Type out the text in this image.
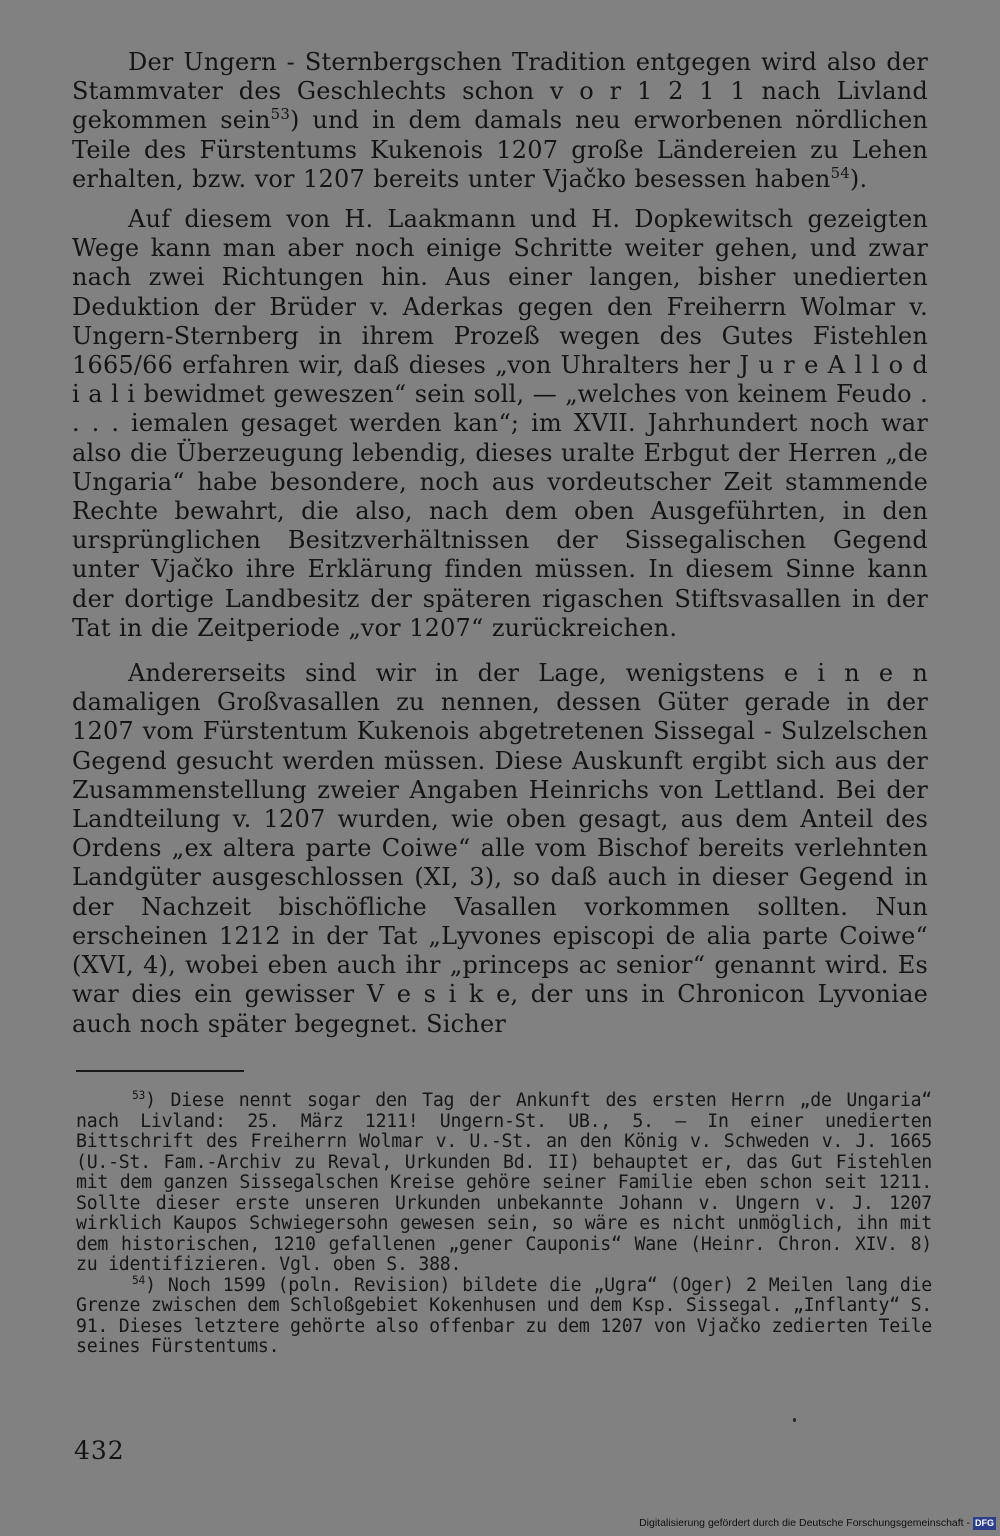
Der Ungern - Sternbergschen Tradition entgegen wird also der Stammvater des Geschlechts schon v o r 1 2 1 1 nach Livland gekommen sein$^{53}$) und in dem damals neu erworbenen nördlichen Teile des Fürstentums Kukenois 1207 große Ländereien zu Lehen erhalten, bzw. vor 1207 bereits unter Vjačko besessen haben$^{54}$).

Auf diesem von H. Laakmann und H. Dopkewitsch gezeigten Wege kann man aber noch einige Schritte weiter gehen, und zwar nach zwei Richtungen hin. Aus einer langen, bisher unedierten Deduktion der Brüder v. Aderkas gegen den Freiherrn Wolmar v. Ungern-Sternberg in ihrem Prozeß wegen des Gutes Fistehlen 1665/66 erfahren wir, daß dieses „von Uhralters her J u r e A l l o d i a l i bewidmet geweszen“ sein soll, — „welches von keinem Feudo . . . . iemalen gesaget werden kan“; im XVII. Jahrhundert noch war also die Überzeugung lebendig, dieses uralte Erbgut der Herren „de Ungaria“ habe besondere, noch aus vordeutscher Zeit stammende Rechte bewahrt, die also, nach dem oben Ausgeführten, in den ursprünglichen Besitzverhältnissen der Sissegalischen Gegend unter Vjačko ihre Erklärung finden müssen. In diesem Sinne kann der dortige Landbesitz der späteren rigaschen Stiftsvasallen in der Tat in die Zeitperiode „vor 1207“ zurückreichen.

Andererseits sind wir in der Lage, wenigstens e i n e n damaligen Großvasallen zu nennen, dessen Güter gerade in der 1207 vom Fürstentum Kukenois abgetretenen Sissegal - Sulzelschen Gegend gesucht werden müssen. Diese Auskunft ergibt sich aus der Zusammenstellung zweier Angaben Heinrichs von Lettland. Bei der Landteilung v. 1207 wurden, wie oben gesagt, aus dem Anteil des Ordens „ex altera parte Coiwe“ alle vom Bischof bereits verlehnten Landgüter ausgeschlossen (XI, 3), so daß auch in dieser Gegend in der Nachzeit bischöfliche Vasallen vorkommen sollten. Nun erscheinen 1212 in der Tat „Lyvones episcopi de alia parte Coiwe“ (XVI, 4), wobei eben auch ihr „princeps ac senior“ genannt wird. Es war dies ein gewisser V e s i k e, der uns in Chronicon Lyvoniae auch noch später begegnet. Sicher

$^{53}$) Diese nennt sogar den Tag der Ankunft des ersten Herrn „de Ungaria“ nach Livland: 25. März 1211! Ungern-St. UB., 5. — In einer unedierten Bittschrift des Freiherrn Wolmar v. U.-St. an den König v. Schweden v. J. 1665 (U.-St. Fam.-Archiv zu Reval, Urkunden Bd. II) behauptet er, das Gut Fistehlen mit dem ganzen Sissegalschen Kreise gehöre seiner Familie eben schon seit 1211. Sollte dieser erste unseren Urkunden unbekannte Johann v. Ungern v. J. 1207 wirklich Kaupos Schwiegersohn gewesen sein, so wäre es nicht unmöglich, ihn mit dem historischen, 1210 gefallenen „gener Cauponis“ Wane (Heinr. Chron. XIV. 8) zu identifizieren. Vgl. oben S. 388.

$^{54}$) Noch 1599 (poln. Revision) bildete die „Ugra“ (Oger) 2 Meilen lang die Grenze zwischen dem Schloßgebiet Kokenhusen und dem Ksp. Sissegal. „Inflanty“ S. 91. Dieses letztere gehörte also offenbar zu dem 1207 von Vjačko zedierten Teile seines Fürstentums.

432
Digitalisierung gefördert durch die Deutsche Forschungsgemeinschaft - DFG
